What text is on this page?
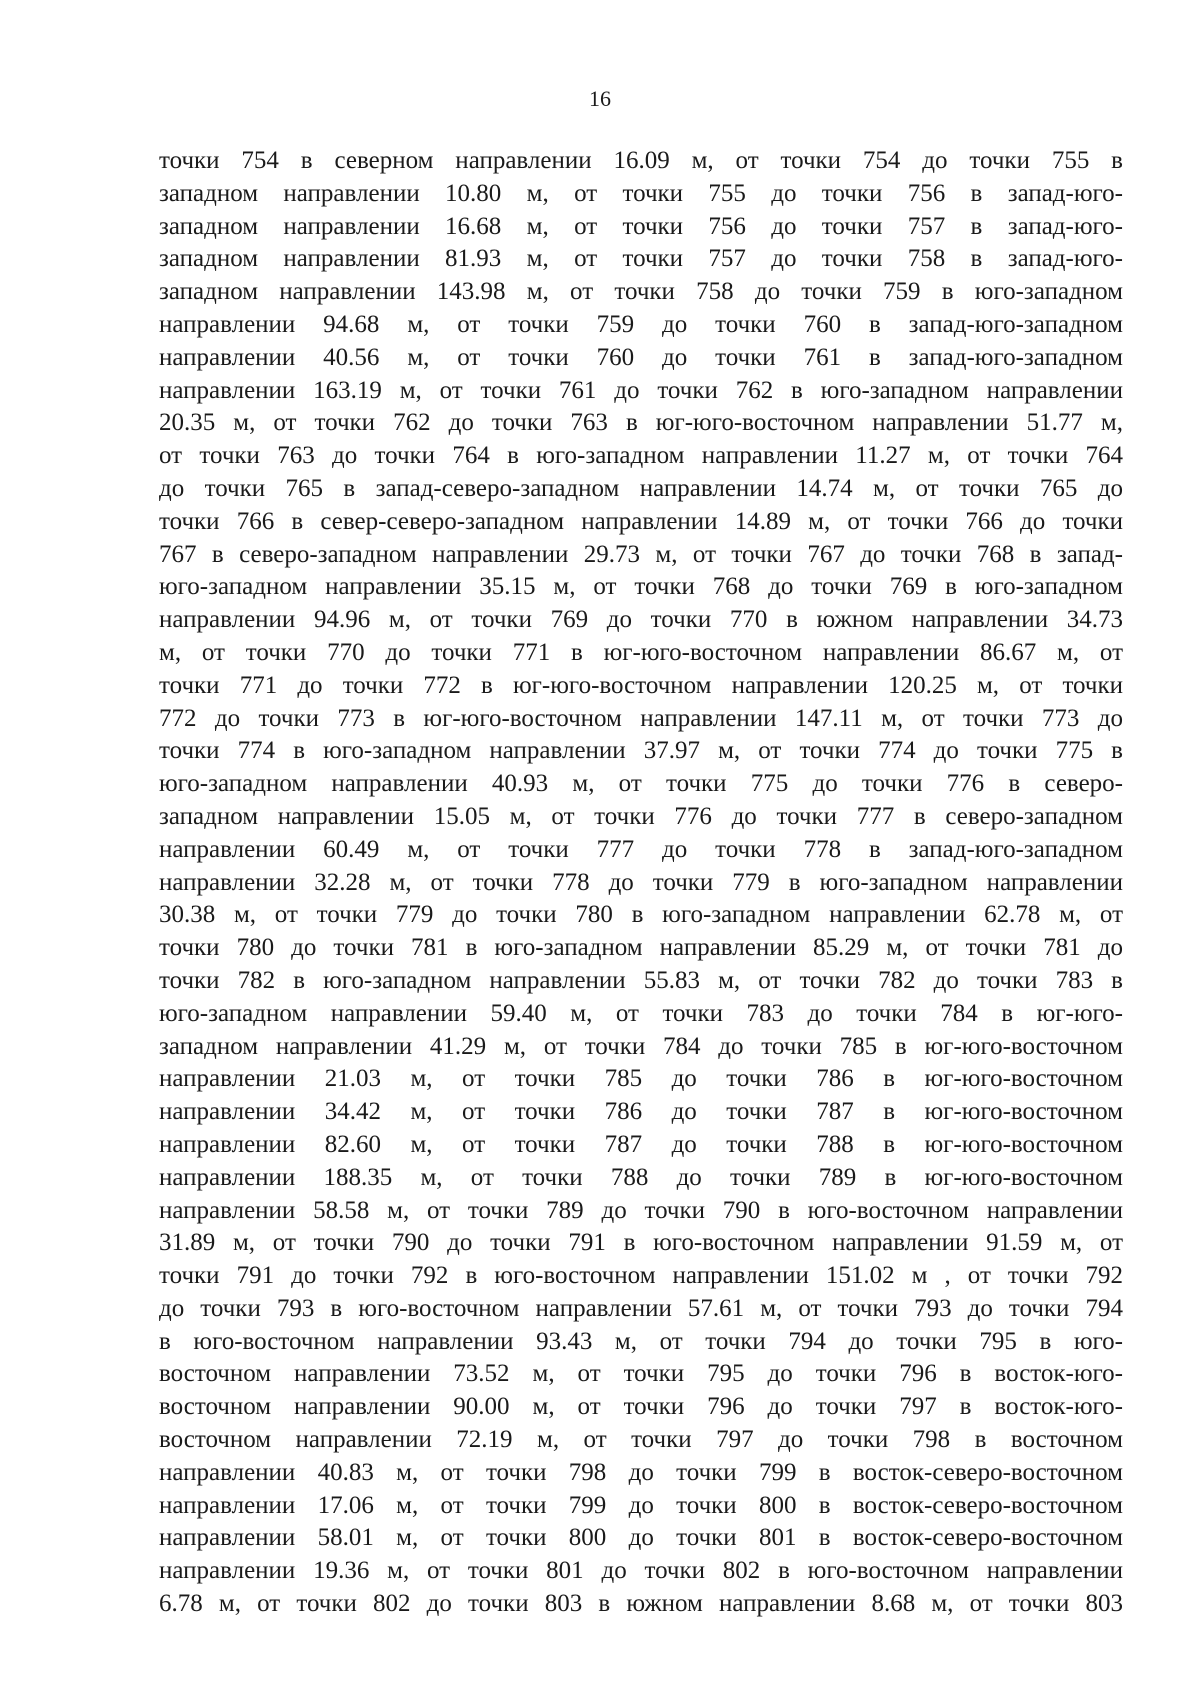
16
точки 754 в северном направлении 16.09 м, от точки 754 до точки 755 в
западном направлении 10.80 м, от точки 755 до точки 756 в запад-юго-
западном направлении 16.68 м, от точки 756 до точки 757 в запад-юго-
западном направлении 81.93 м, от точки 757 до точки 758 в запад-юго-
западном направлении 143.98 м, от точки 758 до точки 759 в юго-западном
направлении 94.68 м, от точки 759 до точки 760 в запад-юго-западном
направлении 40.56 м, от точки 760 до точки 761 в запад-юго-западном
направлении 163.19 м, от точки 761 до точки 762 в юго-западном направлении
20.35 м, от точки 762 до точки 763 в юг-юго-восточном направлении 51.77 м,
от точки 763 до точки 764 в юго-западном направлении 11.27 м, от точки 764
до точки 765 в запад-северо-западном направлении 14.74 м, от точки 765 до
точки 766 в север-северо-западном направлении 14.89 м, от точки 766 до точки
767 в северо-западном направлении 29.73 м, от точки 767 до точки 768 в запад-
юго-западном направлении 35.15 м, от точки 768 до точки 769 в юго-западном
направлении 94.96 м, от точки 769 до точки 770 в южном направлении 34.73
м, от точки 770 до точки 771 в юг-юго-восточном направлении 86.67 м, от
точки 771 до точки 772 в юг-юго-восточном направлении 120.25 м, от точки
772 до точки 773 в юг-юго-восточном направлении 147.11 м, от точки 773 до
точки 774 в юго-западном направлении 37.97 м, от точки 774 до точки 775 в
юго-западном направлении 40.93 м, от точки 775 до точки 776 в северо-
западном направлении 15.05 м, от точки 776 до точки 777 в северо-западном
направлении 60.49 м, от точки 777 до точки 778 в запад-юго-западном
направлении 32.28 м, от точки 778 до точки 779 в юго-западном направлении
30.38 м, от точки 779 до точки 780 в юго-западном направлении 62.78 м, от
точки 780 до точки 781 в юго-западном направлении 85.29 м, от точки 781 до
точки 782 в юго-западном направлении 55.83 м, от точки 782 до точки 783 в
юго-западном направлении 59.40 м, от точки 783 до точки 784 в юг-юго-
западном направлении 41.29 м, от точки 784 до точки 785 в юг-юго-восточном
направлении 21.03 м, от точки 785 до точки 786 в юг-юго-восточном
направлении 34.42 м, от точки 786 до точки 787 в юг-юго-восточном
направлении 82.60 м, от точки 787 до точки 788 в юг-юго-восточном
направлении 188.35 м, от точки 788 до точки 789 в юг-юго-восточном
направлении 58.58 м, от точки 789 до точки 790 в юго-восточном направлении
31.89 м, от точки 790 до точки 791 в юго-восточном направлении 91.59 м, от
точки 791 до точки 792 в юго-восточном направлении 151.02 м , от точки 792
до точки 793 в юго-восточном направлении 57.61 м, от точки 793 до точки 794
в юго-восточном направлении 93.43 м, от точки 794 до точки 795 в юго-
восточном направлении 73.52 м, от точки 795 до точки 796 в восток-юго-
восточном направлении 90.00 м, от точки 796 до точки 797 в восток-юго-
восточном направлении 72.19 м, от точки 797 до точки 798 в восточном
направлении 40.83 м, от точки 798 до точки 799 в восток-северо-восточном
направлении 17.06 м, от точки 799 до точки 800 в восток-северо-восточном
направлении 58.01 м, от точки 800 до точки 801 в восток-северо-восточном
направлении 19.36 м, от точки 801 до точки 802 в юго-восточном направлении
6.78 м, от точки 802 до точки 803 в южном направлении 8.68 м, от точки 803
